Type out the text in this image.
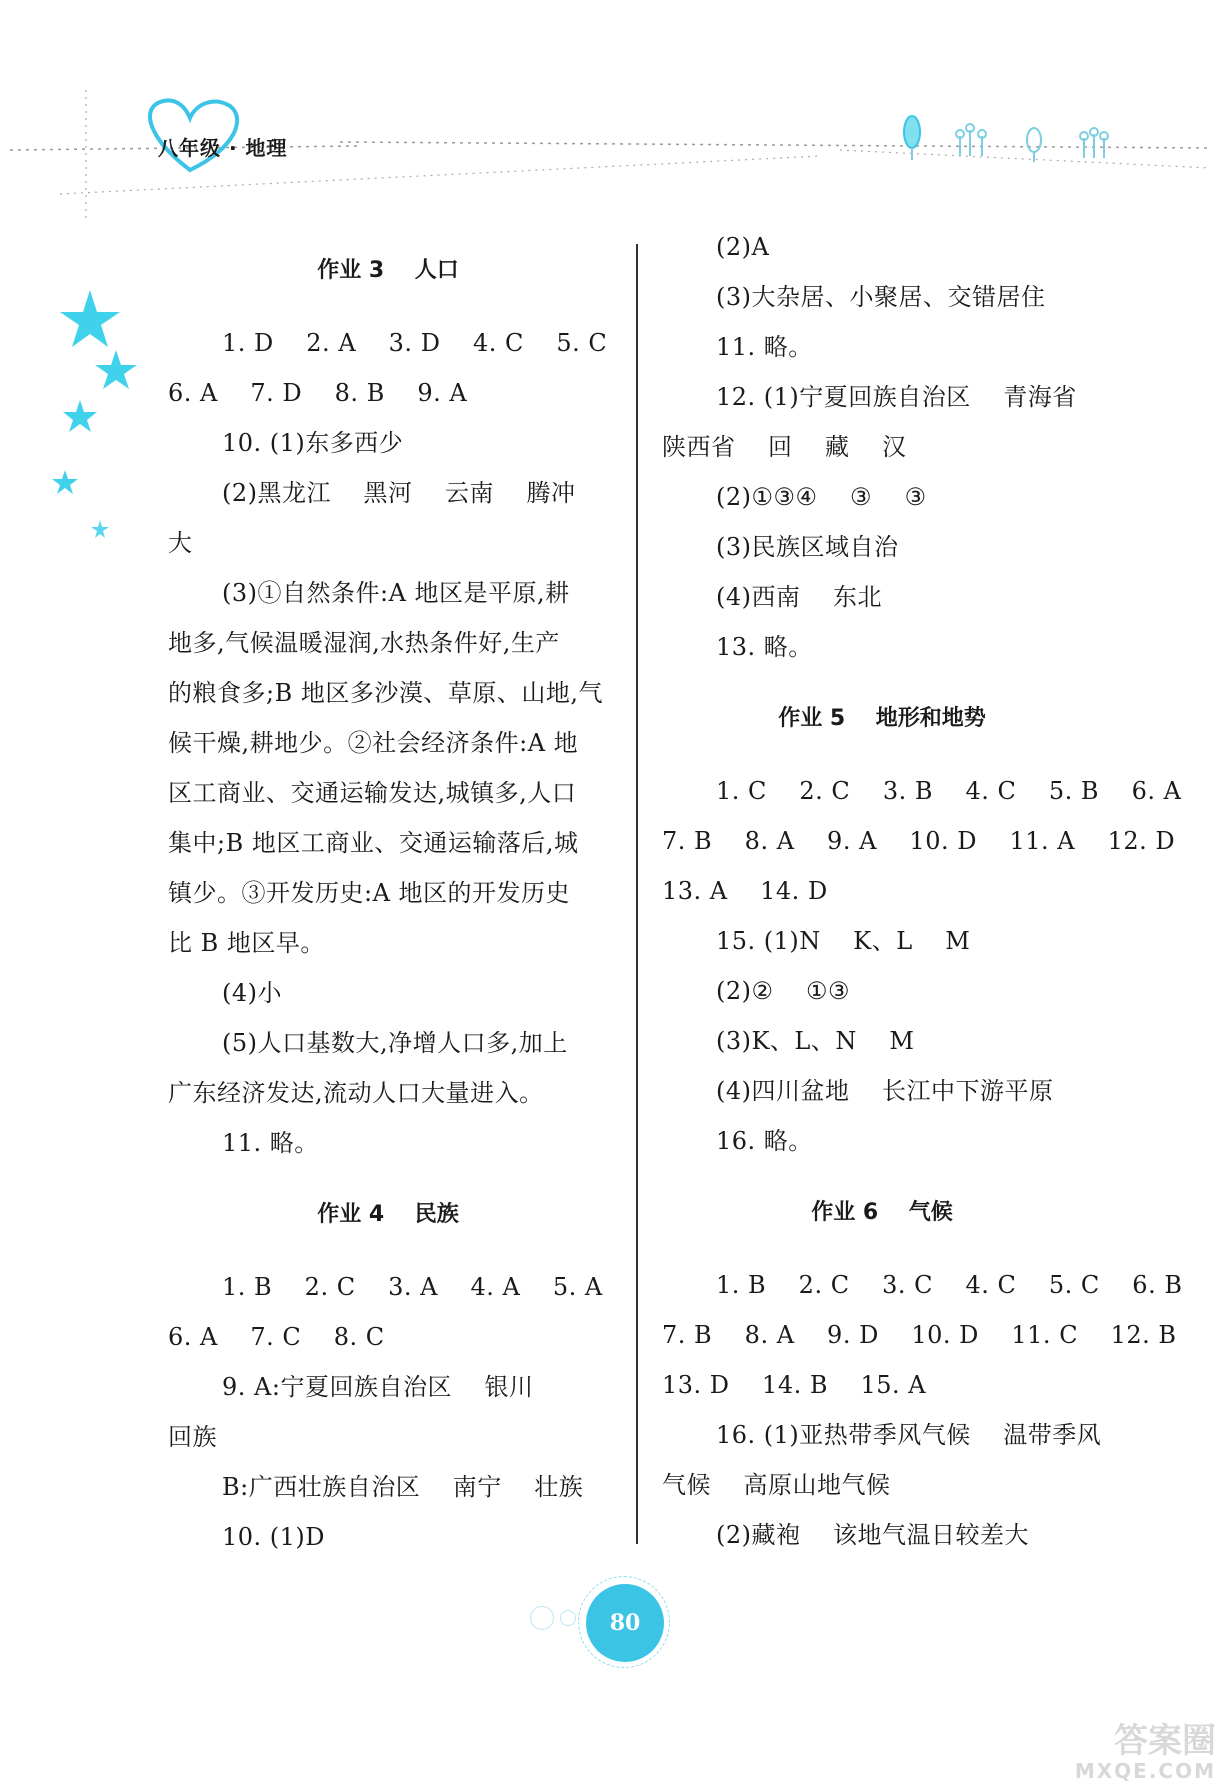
八年级 · 地理
作业 3    人口
1. D    2. A    3. D    4. C    5. C
6. A    7. D    8. B    9. A
10. (1)东多西少
(2)黑龙江    黑河    云南    腾冲
大
(3)①自然条件:A 地区是平原,耕
地多,气候温暖湿润,水热条件好,生产
的粮食多;B 地区多沙漠、草原、山地,气
候干燥,耕地少。②社会经济条件:A 地
区工商业、交通运输发达,城镇多,人口
集中;B 地区工商业、交通运输落后,城
镇少。③开发历史:A 地区的开发历史
比 B 地区早。
(4)小
(5)人口基数大,净增人口多,加上
广东经济发达,流动人口大量进入。
11. 略。
作业 4    民族
1. B    2. C    3. A    4. A    5. A
6. A    7. C    8. C
9. A:宁夏回族自治区    银川
回族
B:广西壮族自治区    南宁    壮族
10. (1)D
(2)A
(3)大杂居、小聚居、交错居住
11. 略。
12. (1)宁夏回族自治区    青海省
陕西省    回    藏    汉
(2)①③④    ③    ③
(3)民族区域自治
(4)西南    东北
13. 略。
作业 5    地形和地势
1. C    2. C    3. B    4. C    5. B    6. A
7. B    8. A    9. A    10. D    11. A    12. D
13. A    14. D
15. (1)N    K、L    M
(2)②    ①③
(3)K、L、N    M
(4)四川盆地    长江中下游平原
16. 略。
作业 6    气候
1. B    2. C    3. C    4. C    5. C    6. B
7. B    8. A    9. D    10. D    11. C    12. B
13. D    14. B    15. A
16. (1)亚热带季风气候    温带季风
气候    高原山地气候
(2)藏袍    该地气温日较差大
80
答案圈
MXQE.COM
